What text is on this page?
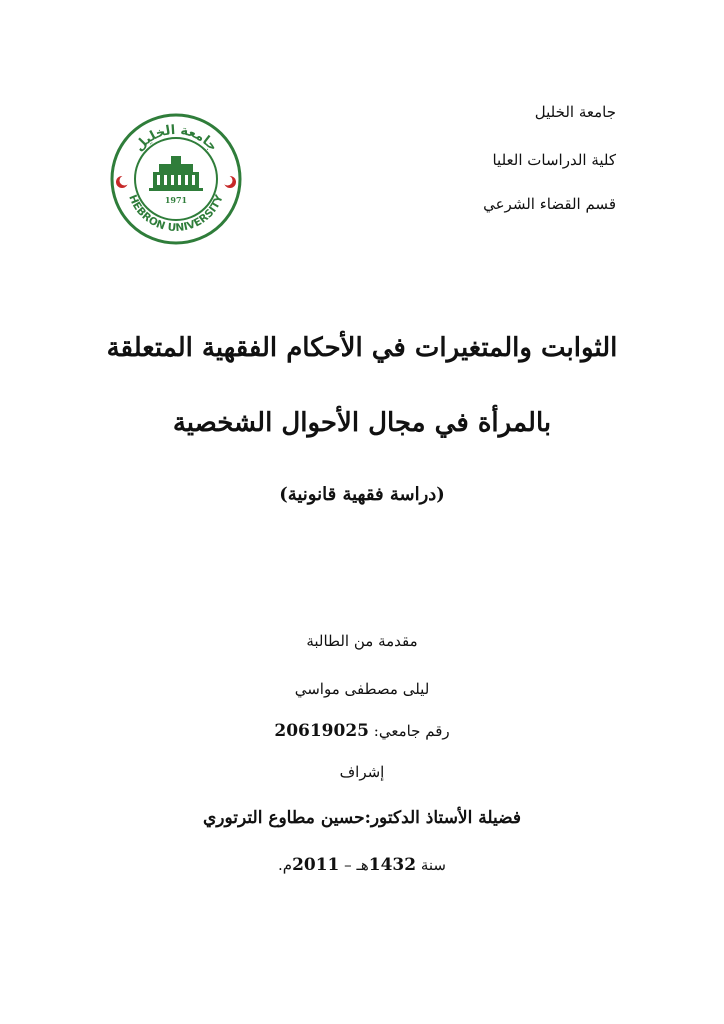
جامعة الخليل
كلية الدراسات العليا
قسم القضاء الشرعي
1971
جامعة الخليل
HEBRON UNIVERSITY
الثوابت والمتغيرات في الأحكام الفقهية المتعلقة
بالمرأة في مجال الأحوال الشخصية
(دراسة فقهية قانونية)
مقدمة من الطالبة
ليلى مصطفى مواسي
رقم جامعي: 20619025
إشراف
فضيلة الأستاذ الدكتور:حسين مطاوع الترتوري
سنة 1432هـ – 2011م.
